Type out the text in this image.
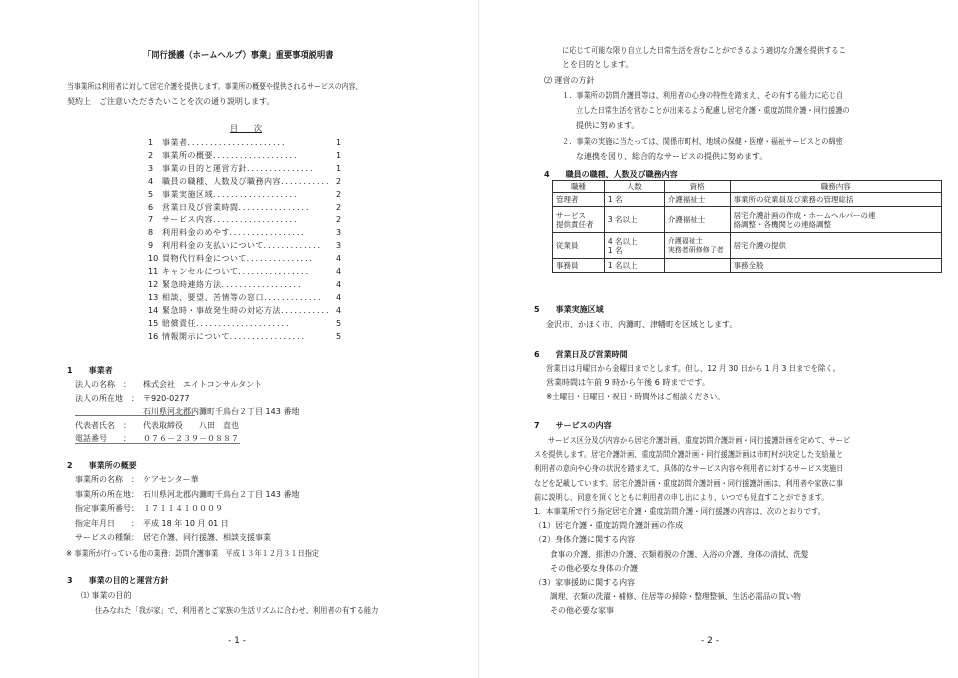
「同行援護（ホームヘルプ）事業」重要事項説明書
当事業所は利用者に対して居宅介護を提供します。事業所の概要や提供されるサービスの内容、
契約上　ご注意いただきたいことを次の通り説明します。
目　　次
1	事業者．．．．．．．．．．．．．．．．．．．．．．	1
2	事業所の概要．．．．．．．．．．．．．．．．．．．	1
3	事業の目的と運営方針．．．．．．．．．．．．．．． 1
4	職員の職種、人数及び職務内容．．．．．．．．．．． 2
5	事業実施区域．．．．．．．．．．．．．．．．．．．	2
6	営業日及び営業時間．．．．．．．．．．．．．．．．	2
7	サービス内容．．．．．．．．．．．．．．．．．．．	2
8	利用料金のめやす．．．．．．．．．．．．．．．．．	3
9	利用料金の支払いについて．．．．．．．．．．．．． 3
10 買物代行料金について．．．．．．．．．．．．．．． 4
11 キャンセルについて．．．．．．．．．．．．．．．．	4
12 緊急時連絡方法．．．．．．．．．．．．．．．．．．	4
13 相談、要望、苦情等の窓口．．．．．．．．．．．．． 4
14 緊急時・事故発生時の対応方法．．．．．．．．．．． 4
15 賠償責任．．．．．．．．．．．．．．．．．．．．．	5
16 情報開示について．．．．．．．．．．．．．．．．．	5
1　　事業者
法人の名称　： 株式会社　エイトコンサルタント
法人の所在地　： 〒920-0277
石川県河北郡内灘町千鳥台２丁目 143 番地
代表者氏名　： 代表取締役　　八田　直也
電話番号　　： ０７６－２３９－０８８７
2　　事業所の概要
事業所の名称　： ケアセンター華
事業所の所在地： 石川県河北郡内灘町千鳥台２丁目 143 番地
指定事業所番号： １７１１４１０００９
指定年月日　　： 平成 18 年 10 月 01 日
サービスの種類： 居宅介護、同行援護、相談支援事業
※ 事業所が行っている他の業務：訪問介護事業　平成１３年１２月３１日指定
3　　事業の目的と運営方針
⑴ 事業の目的
住みなれた「我が家」で、利用者とご家族の生活リズムに合わせ、利用者の有する能力
- 1 -
に応じて可能な限り自立した日常生活を営むことができるよう適切な介護を提供するこ
とを目的とします。
⑵ 運営の方針
１．事業所の訪問介護員等は、利用者の心身の特性を踏まえ、その有する能力に応じ自
立した日常生活を営むことが出来るよう配慮し居宅介護・重度訪問介護・同行援護の
提供に努めます。
２．事業の実施に当たっては、関係市町村、地域の保健・医療・福祉サービスとの綿密
な連携を図り、総合的なサービスの提供に努めます。
4　　職員の職種、人数及び職務内容
職種	人数	資格	職務内容
管理者	1 名	介護福祉士	事業所の従業員及び業務の管理総括
サービス
提供責任者	3 名以上	介護福祉士	居宅介護計画の作成・ホームヘルパーの連
絡調整・各機関との連絡調整
従業員	4 名以上
1 名	介護福祉士
実務者研修修了者	居宅介護の提供
事務員	1 名以上		事務全般
5　　事業実施区域
金沢市、かほく市、内灘町、津幡町を区域とします。
6　　営業日及び営業時間
営業日は月曜日から金曜日までとします。但し、12 月 30 日から 1 月 3 日までを除く。
営業時間は午前 9 時から午後 6 時までです。
※土曜日・日曜日・祝日・時間外はご相談ください。
7　　サービスの内容
サービス区分及び内容から居宅介護計画、重度訪問介護計画・同行援護計画を定めて、サービ
スを提供します。居宅介護計画、重度訪問介護計画・同行援護計画は市町村が決定した支給量と
利用者の意向や心身の状況を踏まえて、具体的なサービス内容や利用者に対するサービス実施日
などを記載しています。居宅介護計画・重度訪問介護計画・同行援護計画は、利用者や家族に事
前に説明し、同意を頂くとともに利用者の申し出により、いつでも見直すことができます。
1．本事業所で行う指定居宅介護・重度訪問介護・同行援護の内容は、次のとおりです。
（1）居宅介護・重度訪問介護計画の作成
（2）身体介護に関する内容
食事の介護、排泄の介護、衣類着脱の介護、入浴の介護、身体の清拭、洗髪
その他必要な身体の介護
（3）家事援助に関する内容
調理、衣類の洗濯・補修、住居等の掃除・整理整頓、生活必需品の買い物
その他必要な家事
- 2 -
